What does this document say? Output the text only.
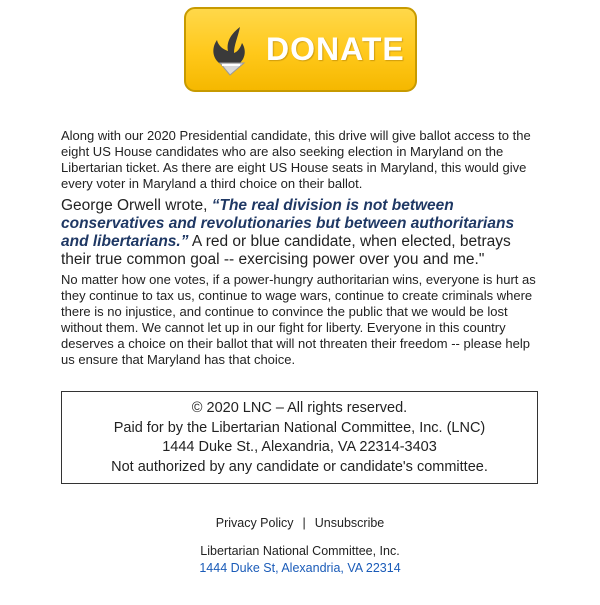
DONATE

Along with our 2020 Presidential candidate, this drive will give ballot access to the eight US House candidates who are also seeking election in Maryland on the Libertarian ticket. As there are eight US House seats in Maryland, this would give every voter in Maryland a third choice on their ballot.

George Orwell wrote, “The real division is not between conservatives and revolutionaries but between authoritarians and libertarians.” A red or blue candidate, when elected, betrays their true common goal -- exercising power over you and me."

No matter how one votes, if a power-hungry authoritarian wins, everyone is hurt as they continue to tax us, continue to wage wars, continue to create criminals where there is no injustice, and continue to convince the public that we would be lost without them. We cannot let up in our fight for liberty. Everyone in this country deserves a choice on their ballot that will not threaten their freedom -- please help us ensure that Maryland has that choice.

© 2020 LNC – All rights reserved.
Paid for by the Libertarian National Committee, Inc. (LNC)
1444 Duke St., Alexandria, VA 22314-3403
Not authorized by any candidate or candidate's committee.
Privacy Policy | Unsubscribe
Libertarian National Committee, Inc.
1444 Duke St, Alexandria, VA 22314
